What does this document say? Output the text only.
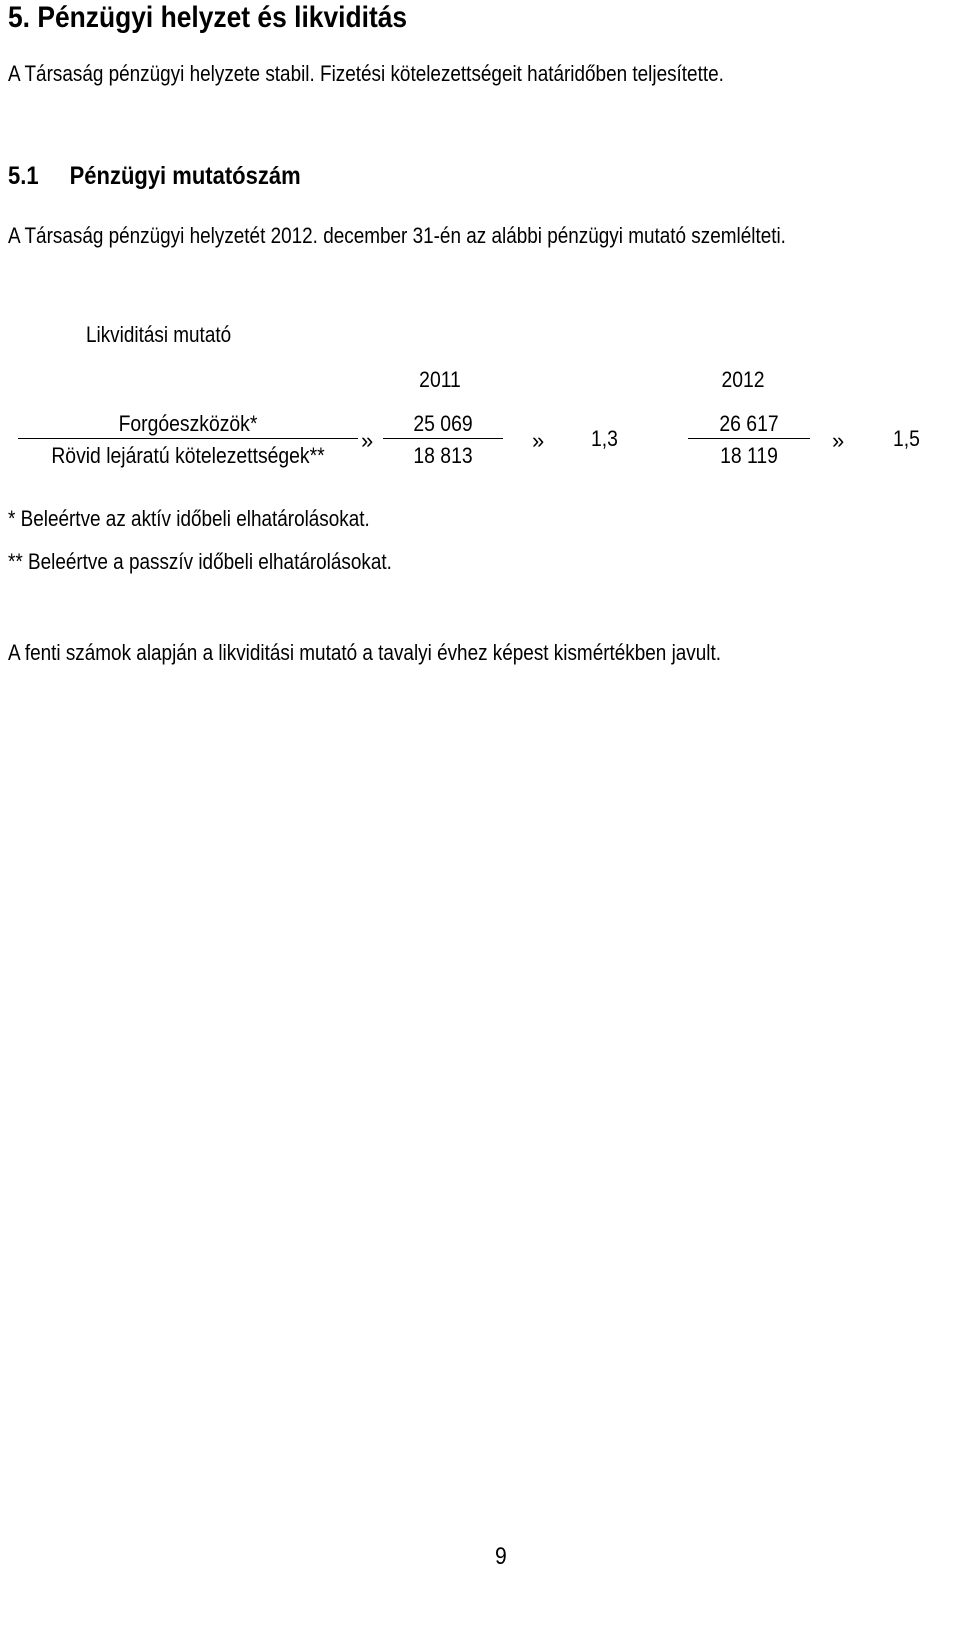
5. Pénzügyi helyzet és likviditás
A Társaság pénzügyi helyzete stabil. Fizetési kötelezettségeit határidőben teljesítette.
5.1 Pénzügyi mutatószám
A Társaság pénzügyi helyzetét 2012. december 31-én az alábbi pénzügyi mutató szemlélteti.
Likviditási mutató
2011	2012
Forgóeszközök*
Rövid lejáratú kötelezettségek**
»
25 069
18 813
» 1,3
26 617
18 119
» 1,5
* Beleértve az aktív időbeli elhatárolásokat.
** Beleértve a passzív időbeli elhatárolásokat.
A fenti számok alapján a likviditási mutató a tavalyi évhez képest kismértékben javult.
9
